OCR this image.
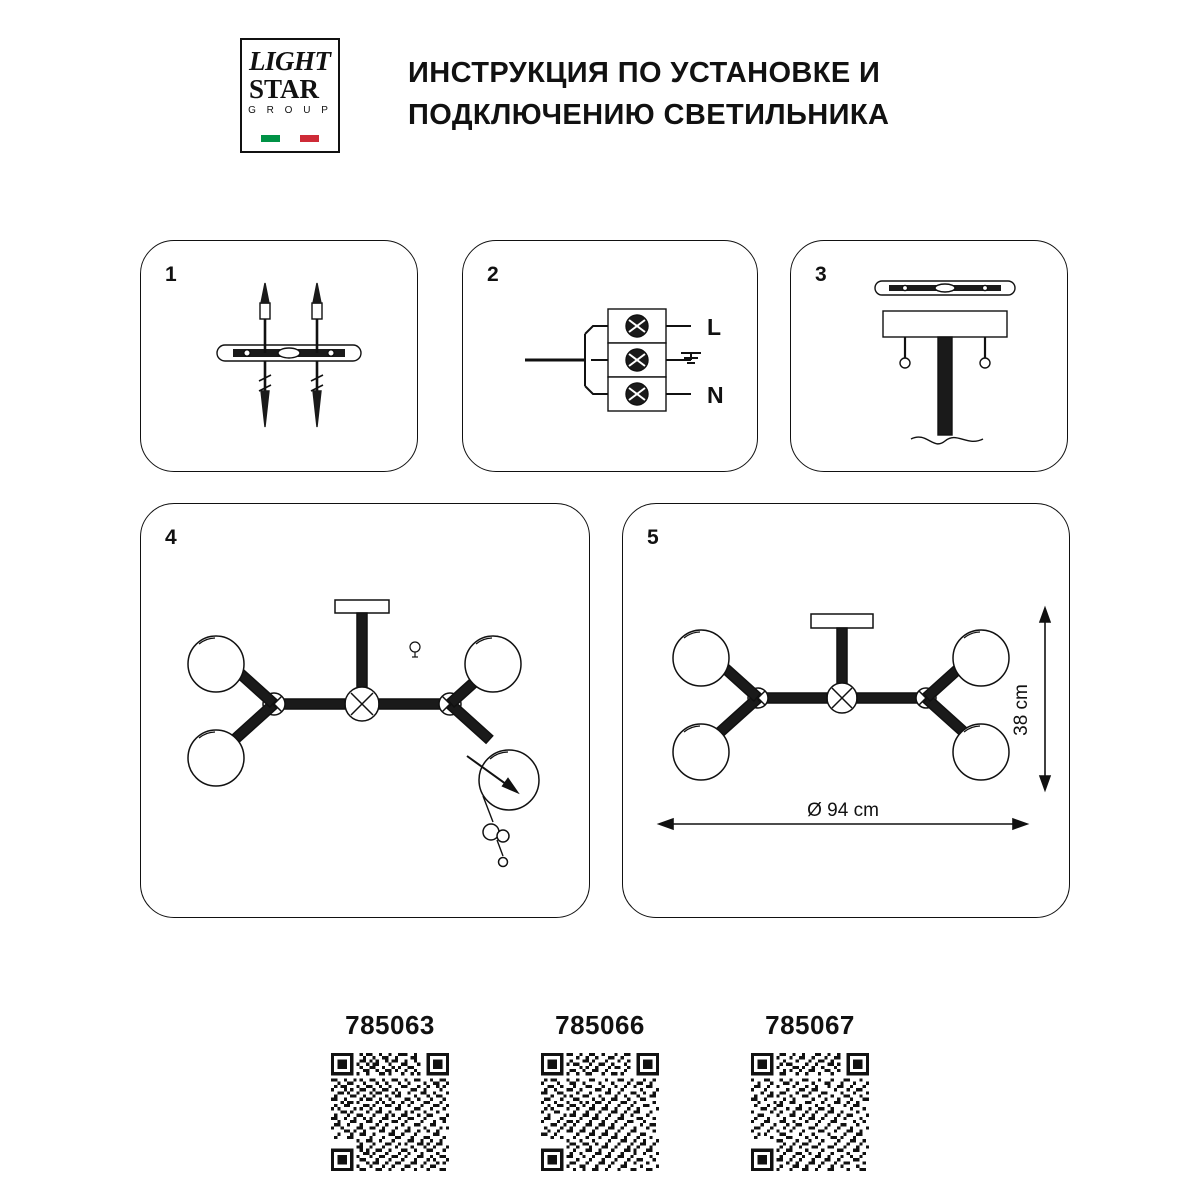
LIGHT
STAR
G R O U P
ИНСТРУКЦИЯ ПО УСТАНОВКЕ И ПОДКЛЮЧЕНИЮ СВЕТИЛЬНИКА
1	2
L
N
3
4	5
38 cm
Ø 94 cm
785063	785066	785067
